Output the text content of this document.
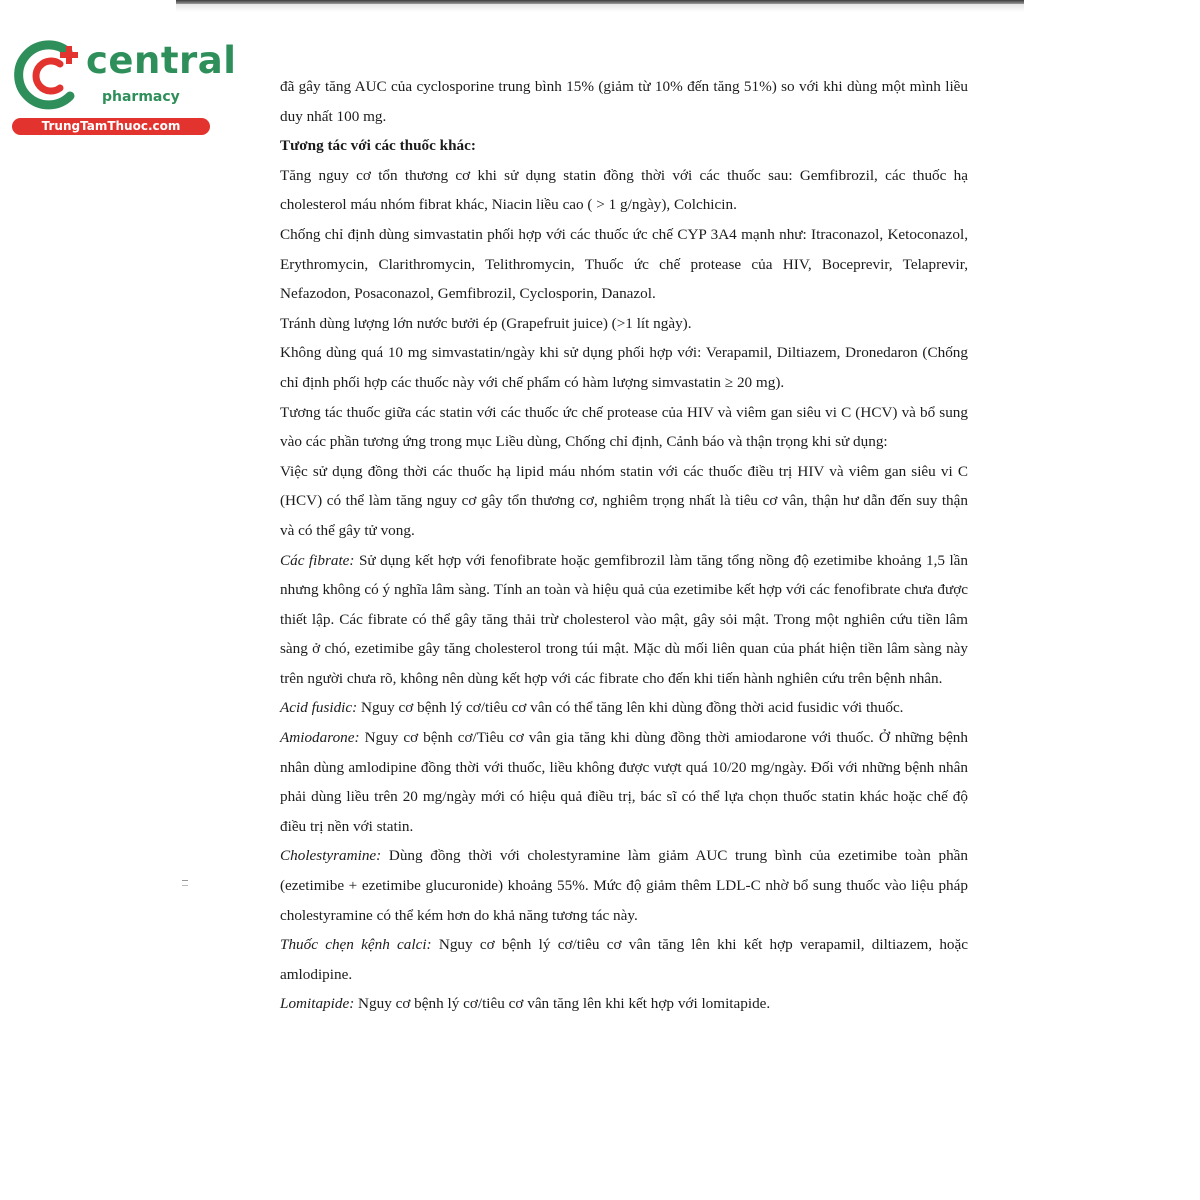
central
pharmacy
TrungTamThuoc.com

đã gây tăng AUC của cyclosporine trung bình 15% (giảm từ 10% đến tăng 51%) so với khi dùng một mình liều duy nhất 100 mg.

Tương tác với các thuốc khác:

Tăng nguy cơ tổn thương cơ khi sử dụng statin đồng thời với các thuốc sau: Gemfibrozil, các thuốc hạ cholesterol máu nhóm fibrat khác, Niacin liều cao ( > 1 g/ngày), Colchicin.

Chống chỉ định dùng simvastatin phối hợp với các thuốc ức chế CYP 3A4 mạnh như: Itraconazol, Ketoconazol, Erythromycin, Clarithromycin, Telithromycin, Thuốc ức chế protease của HIV, Boceprevir, Telaprevir, Nefazodon, Posaconazol, Gemfibrozil, Cyclosporin, Danazol.

Tránh dùng lượng lớn nước bưởi ép (Grapefruit juice) (>1 lít ngày).

Không dùng quá 10 mg simvastatin/ngày khi sử dụng phối hợp với: Verapamil, Diltiazem, Dronedaron (Chống chỉ định phối hợp các thuốc này với chế phẩm có hàm lượng simvastatin ≥ 20 mg).

Tương tác thuốc giữa các statin với các thuốc ức chế protease của HIV và viêm gan siêu vi C (HCV) và bổ sung vào các phần tương ứng trong mục Liều dùng, Chống chỉ định, Cảnh báo và thận trọng khi sử dụng:

Việc sử dụng đồng thời các thuốc hạ lipid máu nhóm statin với các thuốc điều trị HIV và viêm gan siêu vi C (HCV) có thể làm tăng nguy cơ gây tổn thương cơ, nghiêm trọng nhất là tiêu cơ vân, thận hư dẫn đến suy thận và có thể gây tử vong.

Các fibrate: Sử dụng kết hợp với fenofibrate hoặc gemfibrozil làm tăng tổng nồng độ ezetimibe khoảng 1,5 lần nhưng không có ý nghĩa lâm sàng. Tính an toàn và hiệu quả của ezetimibe kết hợp với các fenofibrate chưa được thiết lập. Các fibrate có thể gây tăng thải trừ cholesterol vào mật, gây sỏi mật. Trong một nghiên cứu tiền lâm sàng ở chó, ezetimibe gây tăng cholesterol trong túi mật. Mặc dù mối liên quan của phát hiện tiền lâm sàng này trên người chưa rõ, không nên dùng kết hợp với các fibrate cho đến khi tiến hành nghiên cứu trên bệnh nhân.

Acid fusidic: Nguy cơ bệnh lý cơ/tiêu cơ vân có thể tăng lên khi dùng đồng thời acid fusidic với thuốc.

Amiodarone: Nguy cơ bệnh cơ/Tiêu cơ vân gia tăng khi dùng đồng thời amiodarone với thuốc. Ở những bệnh nhân dùng amlodipine đồng thời với thuốc, liều không được vượt quá 10/20 mg/ngày. Đối với những bệnh nhân phải dùng liều trên 20 mg/ngày mới có hiệu quả điều trị, bác sĩ có thể lựa chọn thuốc statin khác hoặc chế độ điều trị nền với statin.

Cholestyramine: Dùng đồng thời với cholestyramine làm giảm AUC trung bình của ezetimibe toàn phần (ezetimibe + ezetimibe glucuronide) khoảng 55%. Mức độ giảm thêm LDL-C nhờ bổ sung thuốc vào liệu pháp cholestyramine có thể kém hơn do khả năng tương tác này.

Thuốc chẹn kệnh calci: Nguy cơ bệnh lý cơ/tiêu cơ vân tăng lên khi kết hợp verapamil, diltiazem, hoặc amlodipine.

Lomitapide: Nguy cơ bệnh lý cơ/tiêu cơ vân tăng lên khi kết hợp với lomitapide.
